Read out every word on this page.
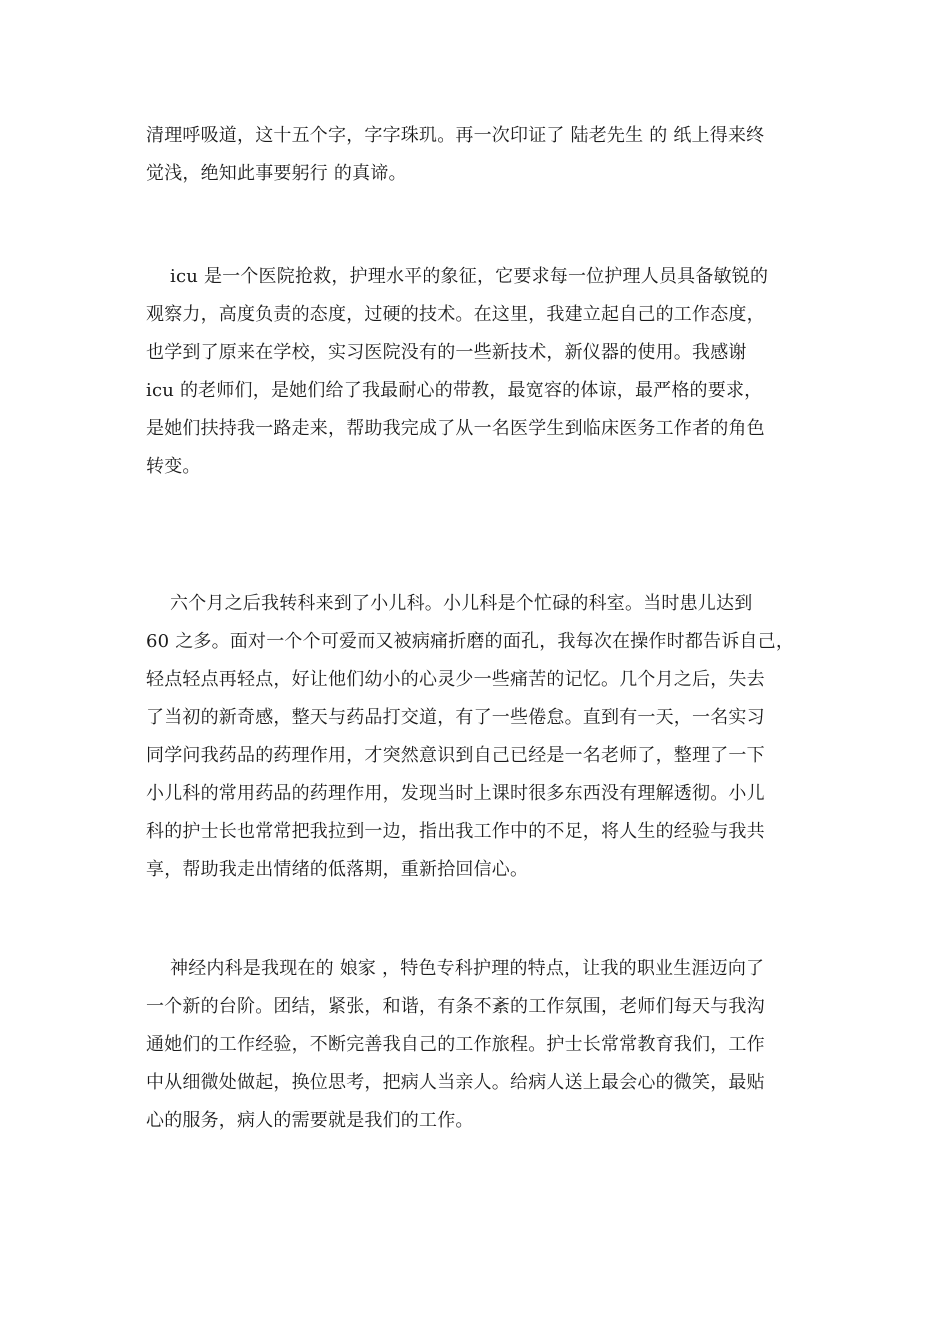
清理呼吸道，这十五个字，字字珠玑。再一次印证了 陆老先生 的 纸上得来终
觉浅，绝知此事要躬行 的真谛。
icu 是一个医院抢救，护理水平的象征，它要求每一位护理人员具备敏锐的
观察力，高度负责的态度，过硬的技术。在这里，我建立起自己的工作态度，
也学到了原来在学校，实习医院没有的一些新技术，新仪器的使用。我感谢
icu 的老师们，是她们给了我最耐心的带教，最宽容的体谅，最严格的要求，
是她们扶持我一路走来，帮助我完成了从一名医学生到临床医务工作者的角色
转变。
六个月之后我转科来到了小儿科。小儿科是个忙碌的科室。当时患儿达到
60 之多。面对一个个可爱而又被病痛折磨的面孔，我每次在操作时都告诉自己，
轻点轻点再轻点，好让他们幼小的心灵少一些痛苦的记忆。几个月之后，失去
了当初的新奇感，整天与药品打交道，有了一些倦怠。直到有一天，一名实习
同学问我药品的药理作用，才突然意识到自己已经是一名老师了，整理了一下
小儿科的常用药品的药理作用，发现当时上课时很多东西没有理解透彻。小儿
科的护士长也常常把我拉到一边，指出我工作中的不足，将人生的经验与我共
享，帮助我走出情绪的低落期，重新拾回信心。
神经内科是我现在的 娘家 ，特色专科护理的特点，让我的职业生涯迈向了
一个新的台阶。团结，紧张，和谐，有条不紊的工作氛围，老师们每天与我沟
通她们的工作经验，不断完善我自己的工作旅程。护士长常常教育我们，工作
中从细微处做起，换位思考，把病人当亲人。给病人送上最会心的微笑，最贴
心的服务，病人的需要就是我们的工作。
